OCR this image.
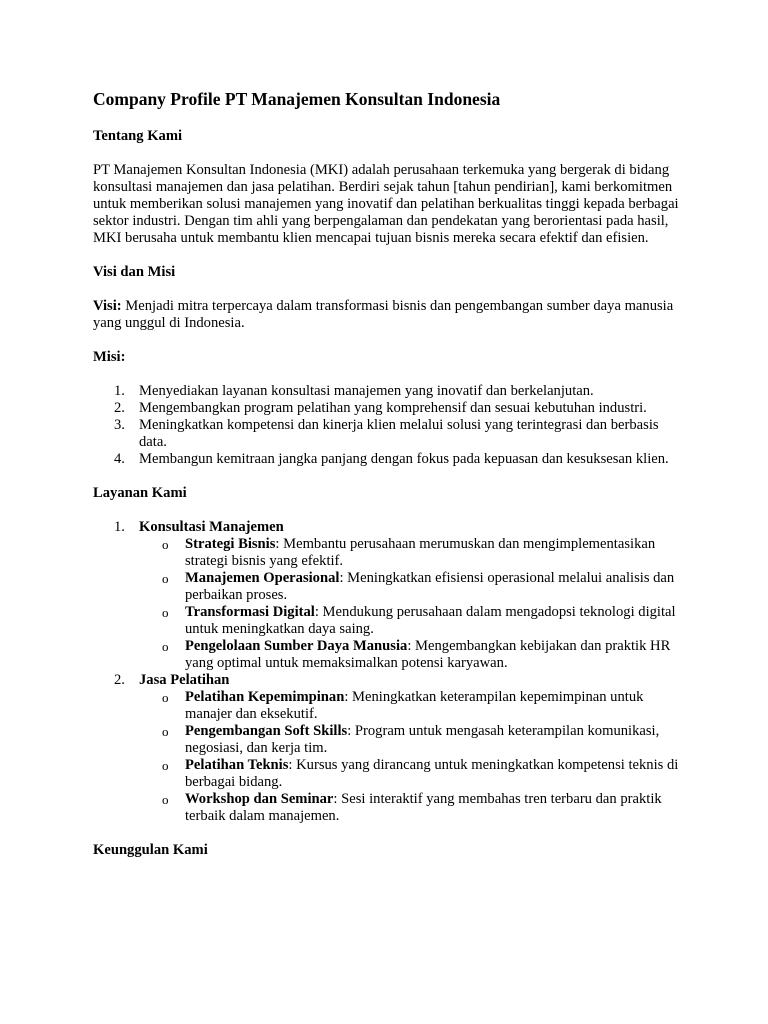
Company Profile PT Manajemen Konsultan Indonesia
Tentang Kami

PT Manajemen Konsultan Indonesia (MKI) adalah perusahaan terkemuka yang bergerak di bidang konsultasi manajemen dan jasa pelatihan. Berdiri sejak tahun [tahun pendirian], kami berkomitmen untuk memberikan solusi manajemen yang inovatif dan pelatihan berkualitas tinggi kepada berbagai sektor industri. Dengan tim ahli yang berpengalaman dan pendekatan yang berorientasi pada hasil, MKI berusaha untuk membantu klien mencapai tujuan bisnis mereka secara efektif dan efisien.

Visi dan Misi

Visi: Menjadi mitra terpercaya dalam transformasi bisnis dan pengembangan sumber daya manusia yang unggul di Indonesia.

Misi:

1. Menyediakan layanan konsultasi manajemen yang inovatif dan berkelanjutan.
2. Mengembangkan program pelatihan yang komprehensif dan sesuai kebutuhan industri.
3. Meningkatkan kompetensi dan kinerja klien melalui solusi yang terintegrasi dan berbasis data.
4. Membangun kemitraan jangka panjang dengan fokus pada kepuasan dan kesuksesan klien.
Layanan Kami
1. Konsultasi Manajemen
o Strategi Bisnis: Membantu perusahaan merumuskan dan mengimplementasikan strategi bisnis yang efektif.
o Manajemen Operasional: Meningkatkan efisiensi operasional melalui analisis dan perbaikan proses.
o Transformasi Digital: Mendukung perusahaan dalam mengadopsi teknologi digital untuk meningkatkan daya saing.
o Pengelolaan Sumber Daya Manusia: Mengembangkan kebijakan dan praktik HR yang optimal untuk memaksimalkan potensi karyawan.
2. Jasa Pelatihan
o Pelatihan Kepemimpinan: Meningkatkan keterampilan kepemimpinan untuk manajer dan eksekutif.
o Pengembangan Soft Skills: Program untuk mengasah keterampilan komunikasi, negosiasi, dan kerja tim.
o Pelatihan Teknis: Kursus yang dirancang untuk meningkatkan kompetensi teknis di berbagai bidang.
o Workshop dan Seminar: Sesi interaktif yang membahas tren terbaru dan praktik terbaik dalam manajemen.
Keunggulan Kami
